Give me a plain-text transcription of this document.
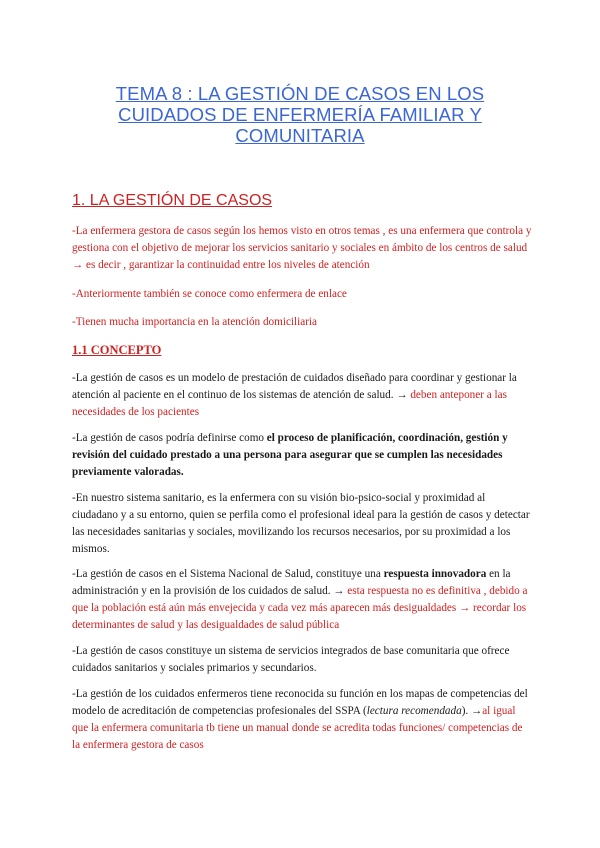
TEMA 8 : LA GESTIÓN DE CASOS EN LOS CUIDADOS DE ENFERMERÍA FAMILIAR Y COMUNITARIA
1. LA GESTIÓN DE CASOS
-La enfermera gestora de casos según los hemos visto en otros temas , es una enfermera que controla y gestiona con el objetivo de mejorar los servicios sanitario y sociales en ámbito de los centros de salud → es decir , garantizar la continuidad entre los niveles de atención
-Anteriormente también se conoce como enfermera de enlace
-Tienen mucha importancia en la atención domiciliaria
1.1 CONCEPTO
-La gestión de casos es un modelo de prestación de cuidados diseñado para coordinar y gestionar la atención al paciente en el continuo de los sistemas de atención de salud. → deben anteponer a las necesidades de los pacientes
-La gestión de casos podría definirse como el proceso de planificación, coordinación, gestión y revisión del cuidado prestado a una persona para asegurar que se cumplen las necesidades previamente valoradas.
-En nuestro sistema sanitario, es la enfermera con su visión bio-psico-social y proximidad al ciudadano y a su entorno, quien se perfila como el profesional ideal para la gestión de casos y detectar las necesidades sanitarias y sociales, movilizando los recursos necesarios, por su proximidad a los mismos.
-La gestión de casos en el Sistema Nacional de Salud, constituye una respuesta innovadora en la administración y en la provisión de los cuidados de salud. → esta respuesta no es definitiva , debido a que la población está aún más envejecida y cada vez más aparecen más desigualdades → recordar los determinantes de salud y las desigualdades de salud pública
-La gestión de casos constituye un sistema de servicios integrados de base comunitaria que ofrece cuidados sanitarios y sociales primarios y secundarios.
-La gestión de los cuidados enfermeros tiene reconocida su función en los mapas de competencias del modelo de acreditación de competencias profesionales del SSPA (lectura recomendada). →al igual que la enfermera comunitaria tb tiene un manual donde se acredita todas funciones/ competencias de la enfermera gestora de casos
